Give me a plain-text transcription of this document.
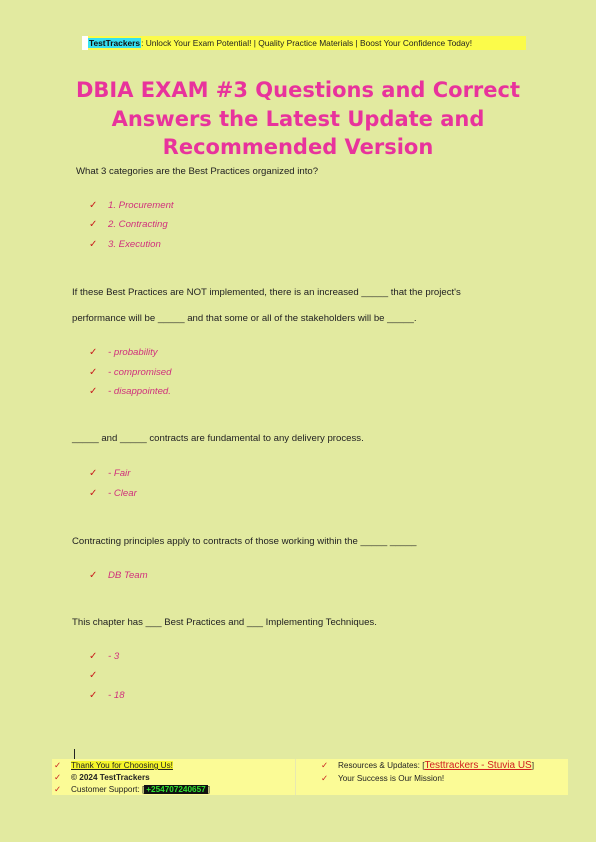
TestTrackers: Unlock Your Exam Potential! | Quality Practice Materials | Boost Your Confidence Today!
DBIA EXAM #3 Questions and Correct
Answers the Latest Update and
Recommended Version
What 3 categories are the Best Practices organized into?
✓ 1. Procurement
✓ 2. Contracting
✓ 3. Execution
If these Best Practices are NOT implemented, there is an increased _____ that the project's
performance will be _____ and that some or all of the stakeholders will be _____.
✓ - probability
✓ - compromised
✓ - disappointed.
_____ and _____ contracts are fundamental to any delivery process.
✓ - Fair
✓ - Clear
Contracting principles apply to contracts of those working within the _____ _____
✓ DB Team
This chapter has ___ Best Practices and ___ Implementing Techniques.
✓ - 3
✓
✓ - 18
✓ Thank You for Choosing Us!
✓ © 2024 TestTrackers
✓ Customer Support: [ +254707240657 ]
✓ Resources & Updates: [Testtrackers - Stuvia US]
✓ Your Success is Our Mission!
